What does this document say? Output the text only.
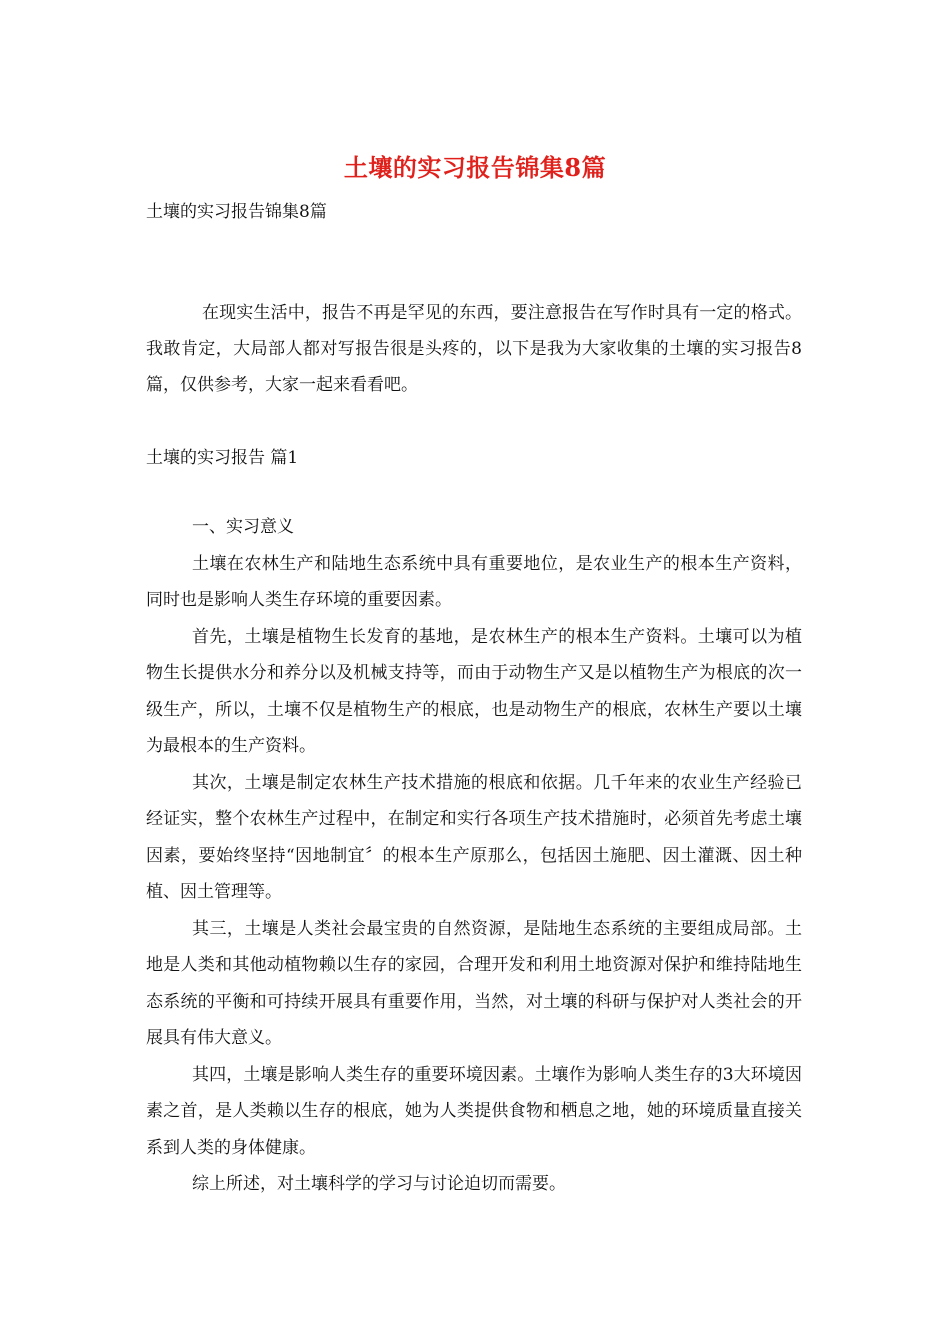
土壤的实习报告锦集8篇
土壤的实习报告锦集8篇
在现实生活中，报告不再是罕见的东西，要注意报告在写作时具有一定的格式。我敢肯定，大局部人都对写报告很是头疼的，以下是我为大家收集的土壤的实习报告8篇，仅供参考，大家一起来看看吧。
土壤的实习报告 篇1

一、实习意义

土壤在农林生产和陆地生态系统中具有重要地位，是农业生产的根本生产资料，同时也是影响人类生存环境的重要因素。

首先，土壤是植物生长发育的基地，是农林生产的根本生产资料。土壤可以为植物生长提供水分和养分以及机械支持等，而由于动物生产又是以植物生产为根底的次一级生产，所以，土壤不仅是植物生产的根底，也是动物生产的根底，农林生产要以土壤为最根本的生产资料。

其次，土壤是制定农林生产技术措施的根底和依据。几千年来的农业生产经验已经证实，整个农林生产过程中，在制定和实行各项生产技术措施时，必须首先考虑土壤因素，要始终坚持“因地制宜〞的根本生产原那么，包括因土施肥、因土灌溉、因土种植、因土管理等。

其三，土壤是人类社会最宝贵的自然资源，是陆地生态系统的主要组成局部。土地是人类和其他动植物赖以生存的家园，合理开发和利用土地资源对保护和维持陆地生态系统的平衡和可持续开展具有重要作用，当然，对土壤的科研与保护对人类社会的开展具有伟大意义。

其四，土壤是影响人类生存的重要环境因素。土壤作为影响人类生存的3大环境因素之首，是人类赖以生存的根底，她为人类提供食物和栖息之地，她的环境质量直接关系到人类的身体健康。

综上所述，对土壤科学的学习与讨论迫切而需要。
